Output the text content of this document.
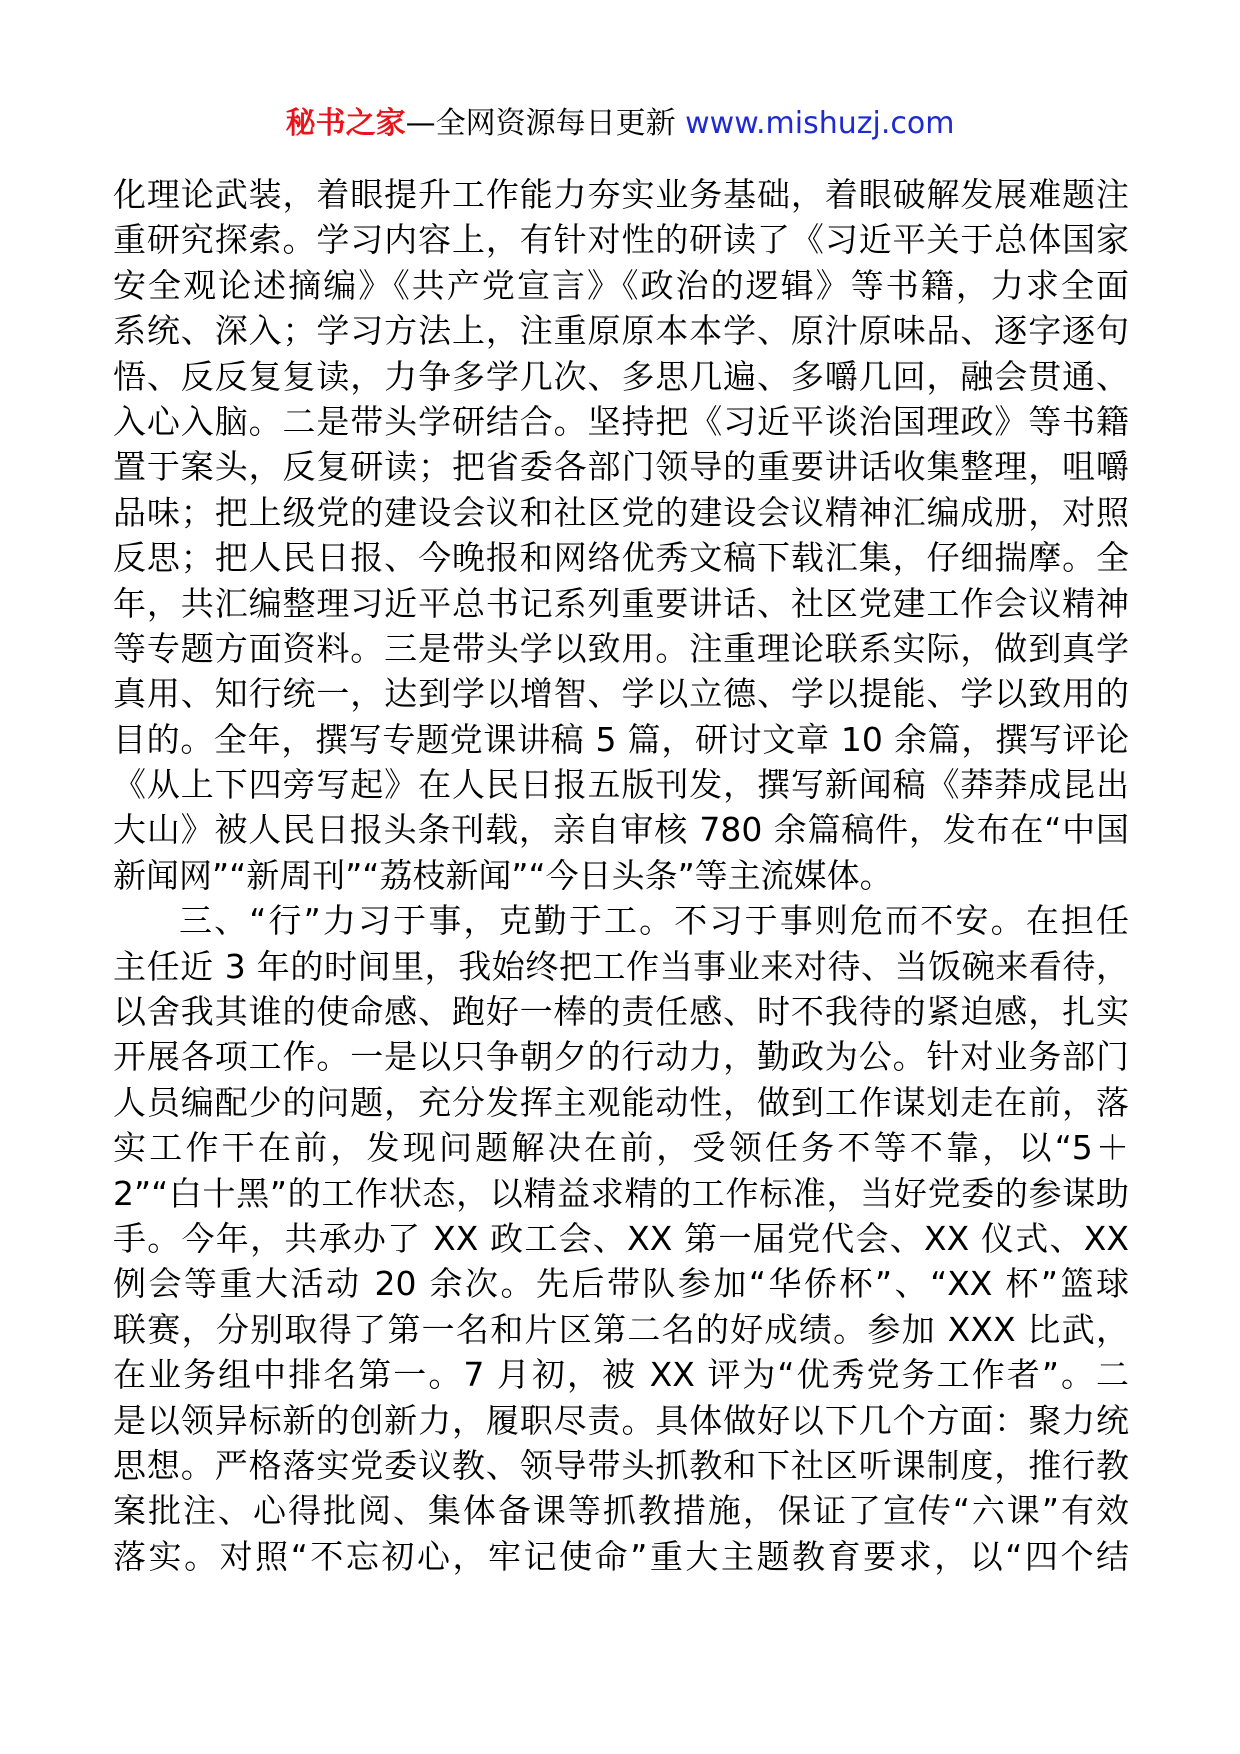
秘书之家—全网资源每日更新 www.mishuzj.com
化理论武装，着眼提升工作能力夯实业务基础，着眼破解发展难题注
重研究探索。学习内容上，有针对性的研读了《习近平关于总体国家
安全观论述摘编》《共产党宣言》《政治的逻辑》等书籍，力求全面
系统、深入；学习方法上，注重原原本本学、原汁原味品、逐字逐句
悟、反反复复读，力争多学几次、多思几遍、多嚼几回，融会贯通、
入心入脑。二是带头学研结合。坚持把《习近平谈治国理政》等书籍
置于案头，反复研读；把省委各部门领导的重要讲话收集整理，咀嚼
品味；把上级党的建设会议和社区党的建设会议精神汇编成册，对照
反思；把人民日报、今晚报和网络优秀文稿下载汇集，仔细揣摩。全
年，共汇编整理习近平总书记系列重要讲话、社区党建工作会议精神
等专题方面资料。三是带头学以致用。注重理论联系实际，做到真学
真用、知行统一，达到学以增智、学以立德、学以提能、学以致用的
目的。全年，撰写专题党课讲稿 5 篇，研讨文章 10 余篇，撰写评论
《从上下四旁写起》在人民日报五版刊发，撰写新闻稿《莽莽成昆出
大山》被人民日报头条刊载，亲自审核 780 余篇稿件，发布在“中国
新闻网”“新周刊”“荔枝新闻”“今日头条”等主流媒体。
三、“行”力习于事，克勤于工。不习于事则危而不安。在担任
主任近 3 年的时间里，我始终把工作当事业来对待、当饭碗来看待，
以舍我其谁的使命感、跑好一棒的责任感、时不我待的紧迫感，扎实
开展各项工作。一是以只争朝夕的行动力，勤政为公。针对业务部门
人员编配少的问题，充分发挥主观能动性，做到工作谋划走在前，落
实工作干在前，发现问题解决在前，受领任务不等不靠，以“5＋
2”“白十黑”的工作状态，以精益求精的工作标准，当好党委的参谋助
手。今年，共承办了 XX 政工会、XX 第一届党代会、XX 仪式、XX
例会等重大活动 20 余次。先后带队参加“华侨杯”、“XX 杯”篮球
联赛，分别取得了第一名和片区第二名的好成绩。参加 XXX 比武，
在业务组中排名第一。7 月初，被 XX 评为“优秀党务工作者”。二
是以领异标新的创新力，履职尽责。具体做好以下几个方面：聚力统
思想。严格落实党委议教、领导带头抓教和下社区听课制度，推行教
案批注、心得批阅、集体备课等抓教措施，保证了宣传“六课”有效
落实。对照“不忘初心，牢记使命”重大主题教育要求，以“四个结
